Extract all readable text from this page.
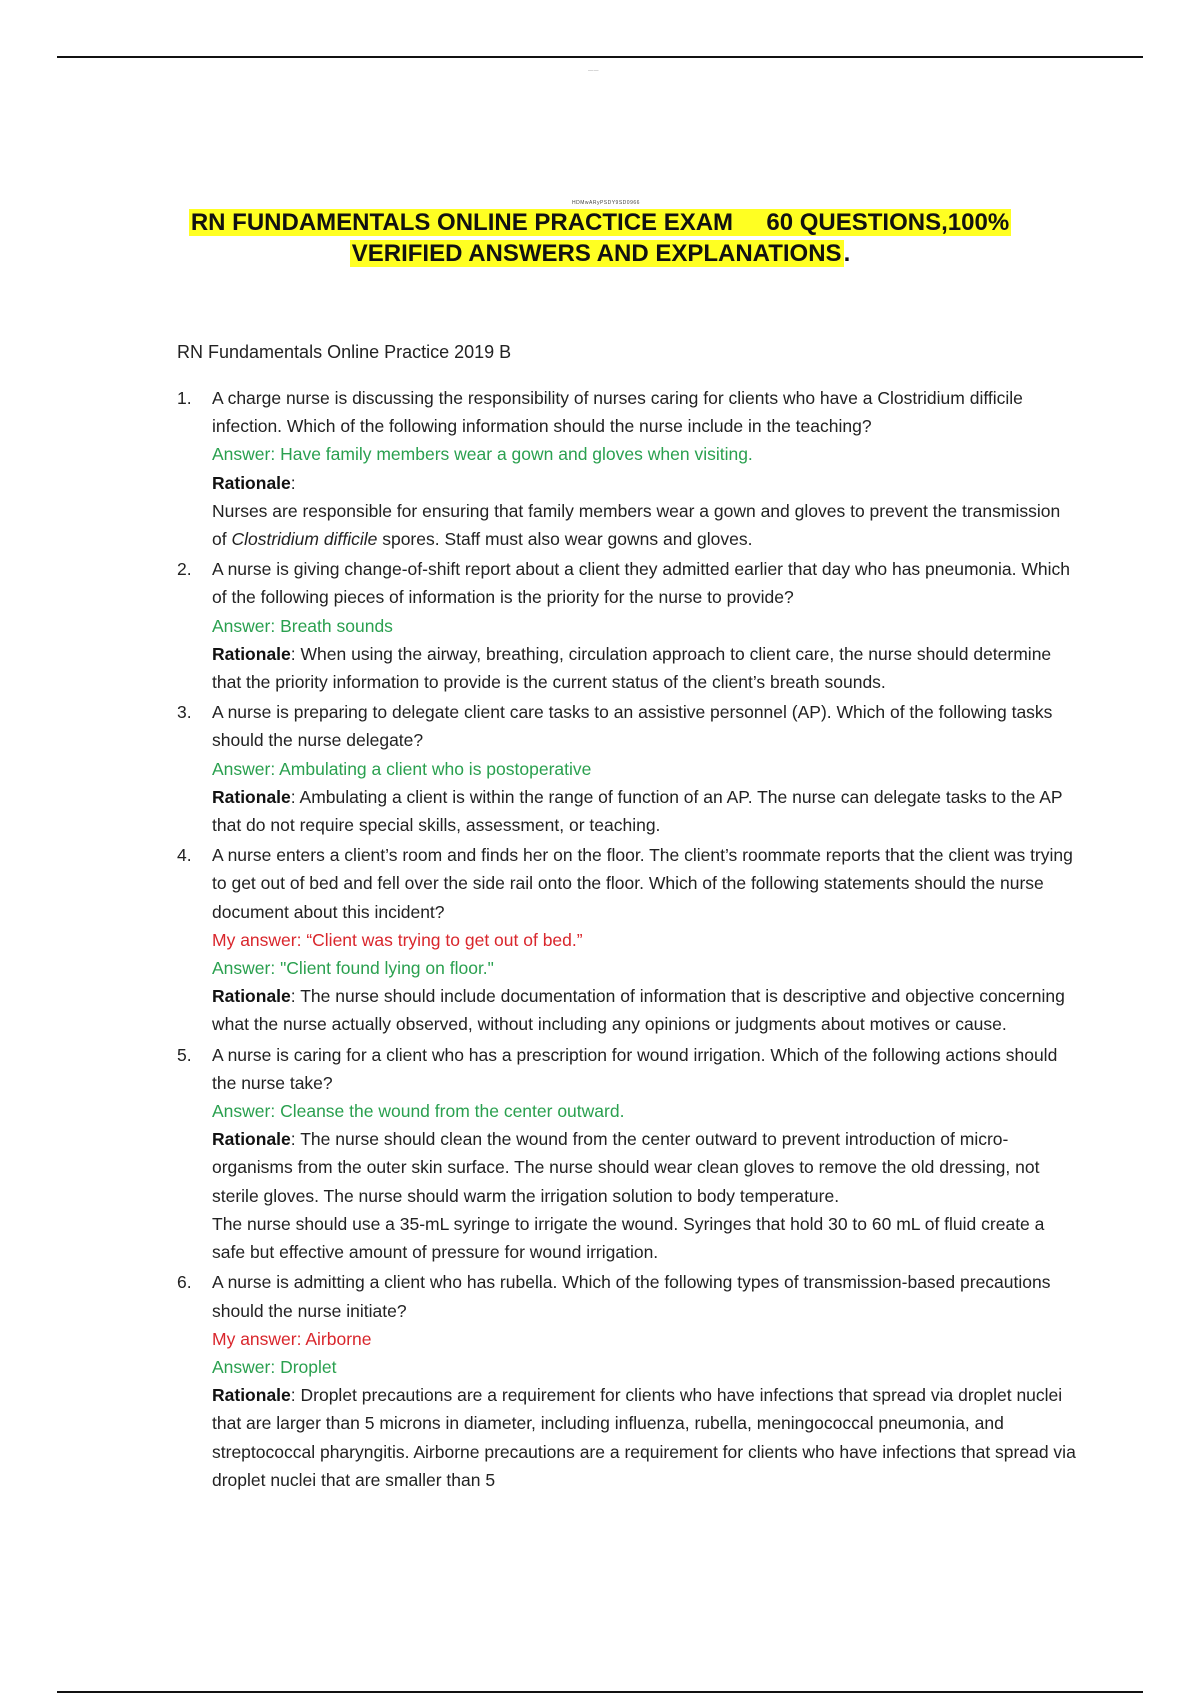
——
HDMwARyPSDY9SD0966
RN FUNDAMENTALS ONLINE PRACTICE EXAM 60 QUESTIONS,100%
VERIFIED ANSWERS AND EXPLANATIONS.
RN Fundamentals Online Practice 2019 B
1. A charge nurse is discussing the responsibility of nurses caring for clients who have a Clostridium difficile infection. Which of the following information should the nurse include in the teaching?
Answer: Have family members wear a gown and gloves when visiting.
Rationale:
Nurses are responsible for ensuring that family members wear a gown and gloves to prevent the transmission of Clostridium difficile spores. Staff must also wear gowns and gloves.
2. A nurse is giving change-of-shift report about a client they admitted earlier that day who has pneumonia. Which of the following pieces of information is the priority for the nurse to provide?
Answer: Breath sounds
Rationale: When using the airway, breathing, circulation approach to client care, the nurse should determine that the priority information to provide is the current status of the client’s breath sounds.
3. A nurse is preparing to delegate client care tasks to an assistive personnel (AP). Which of the following tasks should the nurse delegate?
Answer: Ambulating a client who is postoperative
Rationale: Ambulating a client is within the range of function of an AP. The nurse can delegate tasks to the AP that do not require special skills, assessment, or teaching.
4. A nurse enters a client’s room and finds her on the floor. The client’s roommate reports that the client was trying to get out of bed and fell over the side rail onto the floor. Which of the following statements should the nurse document about this incident?
My answer: “Client was trying to get out of bed.”
Answer: "Client found lying on floor."
Rationale: The nurse should include documentation of information that is descriptive and objective concerning what the nurse actually observed, without including any opinions or judgments about motives or cause.
5. A nurse is caring for a client who has a prescription for wound irrigation. Which of the following actions should the nurse take?
Answer: Cleanse the wound from the center outward.
Rationale: The nurse should clean the wound from the center outward to prevent introduction of micro-organisms from the outer skin surface. The nurse should wear clean gloves to remove the old dressing, not sterile gloves. The nurse should warm the irrigation solution to body temperature.
The nurse should use a 35-mL syringe to irrigate the wound. Syringes that hold 30 to 60 mL of fluid create a safe but effective amount of pressure for wound irrigation.
6. A nurse is admitting a client who has rubella. Which of the following types of transmission-based precautions should the nurse initiate?
My answer: Airborne
Answer: Droplet
Rationale: Droplet precautions are a requirement for clients who have infections that spread via droplet nuclei that are larger than 5 microns in diameter, including influenza, rubella, meningococcal pneumonia, and streptococcal pharyngitis. Airborne precautions are a requirement for clients who have infections that spread via droplet nuclei that are smaller than 5
